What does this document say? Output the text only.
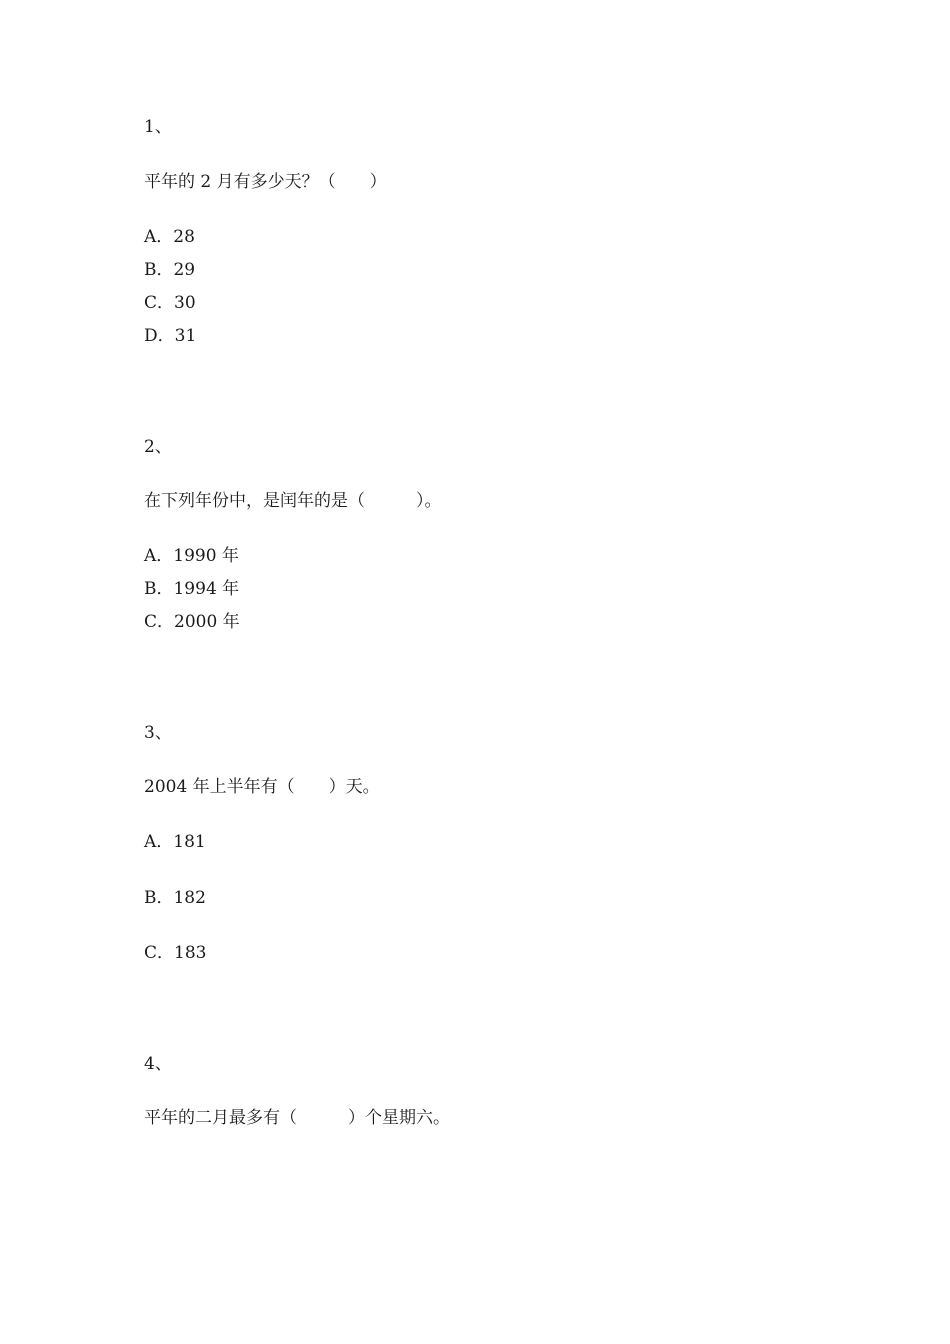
1、
平年的 2 月有多少天？（　　）
A．28
B．29
C．30
D．31
2、
在下列年份中，是闰年的是（　　　）。
A．1990 年
B．1994 年
C．2000 年
3、
2004 年上半年有（　　）天。
A．181
B．182
C．183
4、
平年的二月最多有（　　　）个星期六。
